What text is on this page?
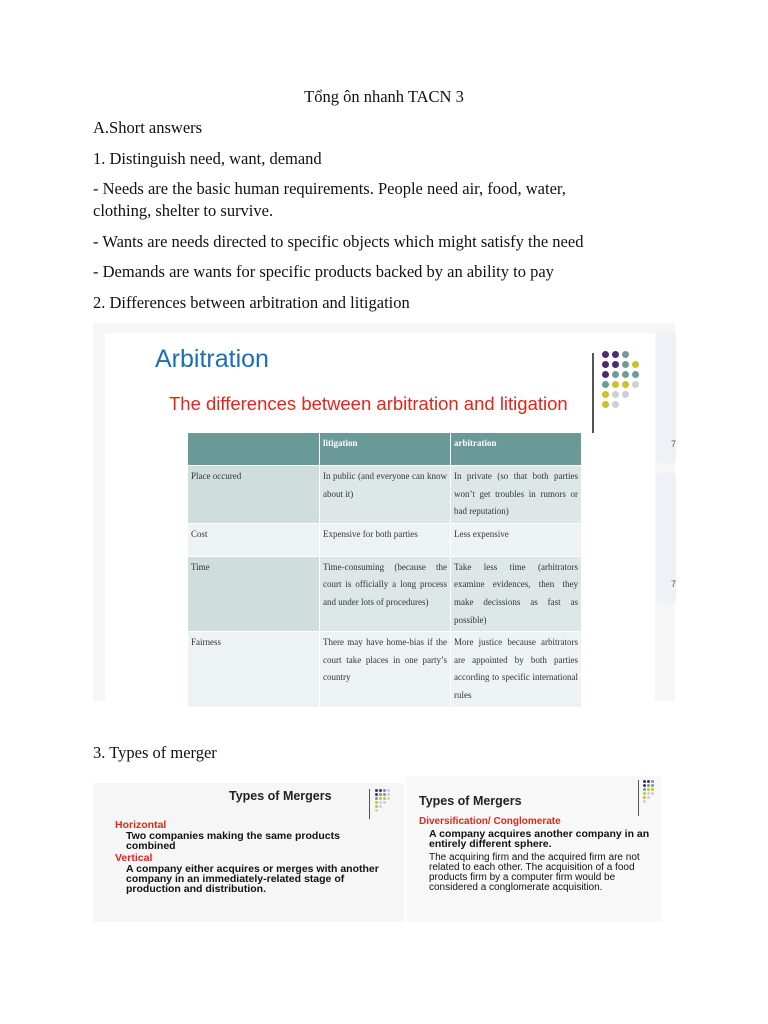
Tổng ôn nhanh TACN 3
A.Short answers
1. Distinguish need, want, demand
- Needs are the basic human requirements. People need air, food, water,
clothing, shelter to survive.
- Wants are needs directed to specific objects which might satisfy the need
- Demands are wants for specific products backed by an ability to pay
2. Differences between arbitration and litigation
Arbitration
The differences between arbitration and litigation
	litigation	arbitration
Place occured	In public (and everyone can know about it)	In private (so that both parties won’t get troubles in rumors or bad reputation)
Cost	Expensive for both parties	Less expensive
Time	Time-consuming (because the court is officially a long process and under lots of procedures)	Take less time (arbitrators examine evidences, then they make decissions as fast as possible)
Fairness	There may have home-bias if the court take places in one party’s country	More justice because arbitrators are appointed by both parties according to specific international rules
7
7
3. Types of merger
Types of Mergers
Horizontal
Two companies making the same products combined
Vertical
A company either acquires or merges with another company in an immediately-related stage of production and distribution.
Types of Mergers
Diversification/ Conglomerate
A company acquires another company in an entirely different sphere.
The acquiring firm and the acquired firm are not related to each other. The acquisition of a food products firm by a computer firm would be considered a conglomerate acquisition.
